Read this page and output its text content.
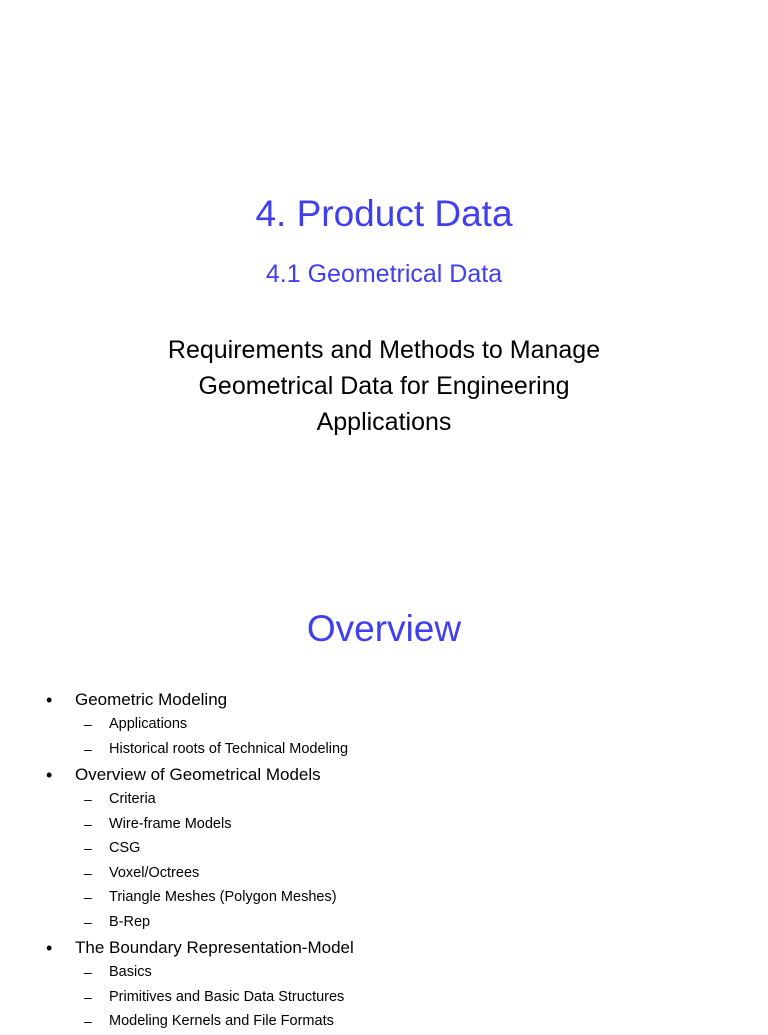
4. Product Data
4.1 Geometrical Data

Requirements and Methods to Manage
Geometrical Data for Engineering
Applications

Overview
• Geometric Modeling
– Applications
– Historical roots of Technical Modeling
• Overview of Geometrical Models
– Criteria
– Wire-frame Models
– CSG
– Voxel/Octrees
– Triangle Meshes (Polygon Meshes)
– B-Rep
• The Boundary Representation-Model
– Basics
– Primitives and Basic Data Structures
– Modeling Kernels and File Formats
